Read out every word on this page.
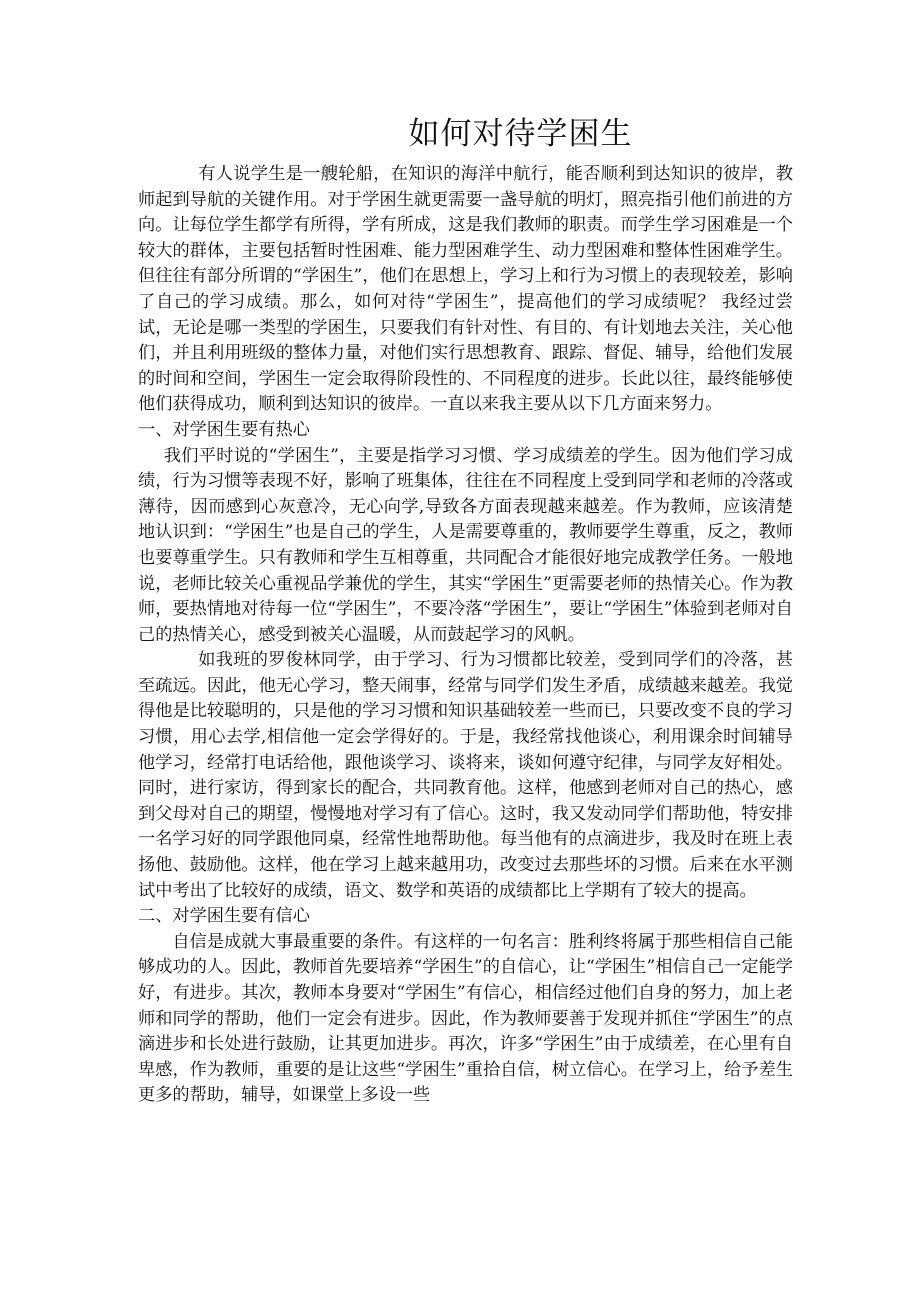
如何对待学困生

有人说学生是一艘轮船，在知识的海洋中航行，能否顺利到达知识的彼岸，教师起到导航的关键作用。对于学困生就更需要一盏导航的明灯，照亮指引他们前进的方向。让每位学生都学有所得，学有所成，这是我们教师的职责。而学生学习困难是一个较大的群体，主要包括暂时性困难、能力型困难学生、动力型困难和整体性困难学生。但往往有部分所谓的“学困生”，他们在思想上，学习上和行为习惯上的表现较差，影响了自己的学习成绩。那么，如何对待“学困生”，提高他们的学习成绩呢？ 我经过尝试，无论是哪一类型的学困生，只要我们有针对性、有目的、有计划地去关注，关心他们，并且利用班级的整体力量，对他们实行思想教育、跟踪、督促、辅导，给他们发展的时间和空间，学困生一定会取得阶段性的、不同程度的进步。长此以往，最终能够使他们获得成功，顺利到达知识的彼岸。一直以来我主要从以下几方面来努力。

一、对学困生要有热心

我们平时说的“学困生”，主要是指学习习惯、学习成绩差的学生。因为他们学习成绩，行为习惯等表现不好，影响了班集体，往往在不同程度上受到同学和老师的冷落或薄待，因而感到心灰意冷，无心向学,导致各方面表现越来越差。作为教师，应该清楚地认识到：“学困生”也是自己的学生，人是需要尊重的，教师要学生尊重，反之，教师也要尊重学生。只有教师和学生互相尊重，共同配合才能很好地完成教学任务。一般地说，老师比较关心重视品学兼优的学生，其实“学困生”更需要老师的热情关心。作为教师，要热情地对待每一位“学困生”，不要冷落“学困生”，要让“学困生”体验到老师对自己的热情关心，感受到被关心温暖，从而鼓起学习的风帆。

如我班的罗俊林同学，由于学习、行为习惯都比较差，受到同学们的冷落，甚至疏远。因此，他无心学习，整天闹事，经常与同学们发生矛盾，成绩越来越差。我觉得他是比较聪明的，只是他的学习习惯和知识基础较差一些而已，只要改变不良的学习习惯，用心去学,相信他一定会学得好的。于是，我经常找他谈心，利用课余时间辅导他学习，经常打电话给他，跟他谈学习、谈将来，谈如何遵守纪律，与同学友好相处。同时，进行家访，得到家长的配合，共同教育他。这样，他感到老师对自己的热心，感到父母对自己的期望，慢慢地对学习有了信心。这时，我又发动同学们帮助他，特安排一名学习好的同学跟他同桌，经常性地帮助他。每当他有的点滴进步，我及时在班上表扬他、鼓励他。这样，他在学习上越来越用功，改变过去那些坏的习惯。后来在水平测试中考出了比较好的成绩，语文、数学和英语的成绩都比上学期有了较大的提高。

二、对学困生要有信心

自信是成就大事最重要的条件。有这样的一句名言：胜利终将属于那些相信自己能够成功的人。因此，教师首先要培养“学困生”的自信心，让“学困生”相信自己一定能学好，有进步。其次，教师本身要对“学困生”有信心，相信经过他们自身的努力，加上老师和同学的帮助，他们一定会有进步。因此，作为教师要善于发现并抓住“学困生”的点滴进步和长处进行鼓励，让其更加进步。再次，许多“学困生”由于成绩差，在心里有自卑感，作为教师，重要的是让这些“学困生”重拾自信，树立信心。在学习上，给予差生更多的帮助，辅导，如课堂上多设一些
